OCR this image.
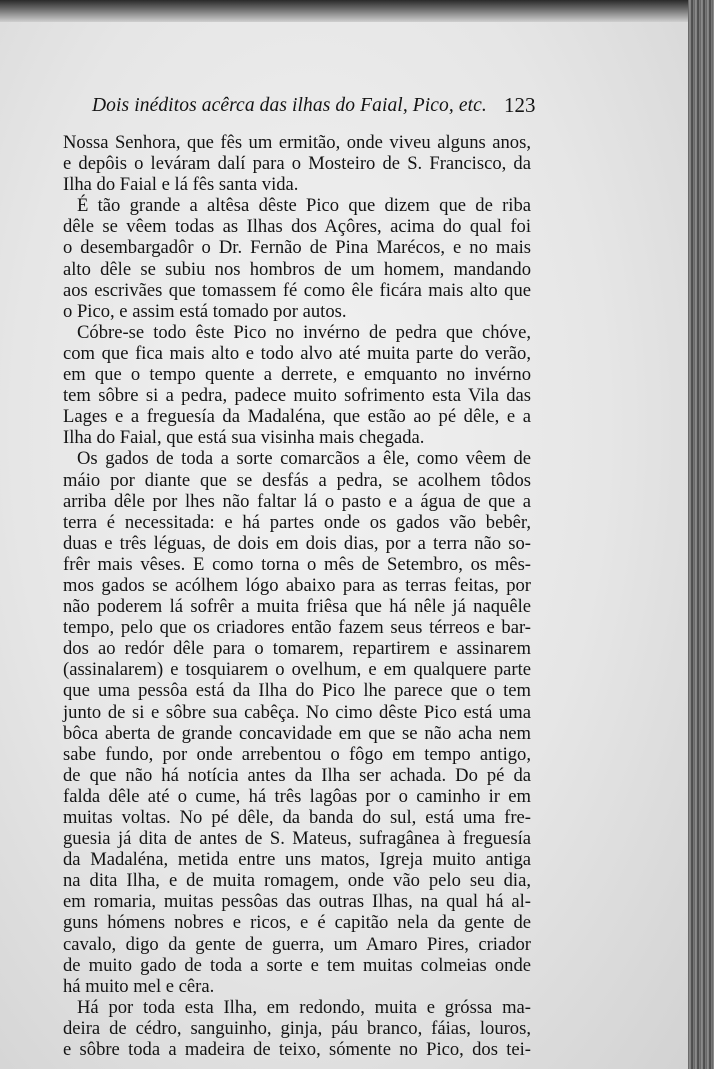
Dois inéditos acêrca das ilhas do Faial, Pico, etc. 123
Nossa Senhora, que fês um ermitão, onde viveu alguns anos,
e depôis o leváram dalí para o Mosteiro de S. Francisco, da
Ilha do Faial e lá fês santa vida.
É tão grande a altêsa dêste Pico que dizem que de riba
dêle se vêem todas as Ilhas dos Açôres, acima do qual foi
o desembargadôr o Dr. Fernão de Pina Marécos, e no mais
alto dêle se subiu nos hombros de um homem, mandando
aos escrivães que tomassem fé como êle ficára mais alto que
o Pico, e assim está tomado por autos.
Cóbre-se todo êste Pico no invérno de pedra que chóve,
com que fica mais alto e todo alvo até muita parte do verão,
em que o tempo quente a derrete, e emquanto no invérno
tem sôbre si a pedra, padece muito sofrimento esta Vila das
Lages e a freguesía da Madaléna, que estão ao pé dêle, e a
Ilha do Faial, que está sua visinha mais chegada.
Os gados de toda a sorte comarcãos a êle, como vêem de
máio por diante que se desfás a pedra, se acolhem tôdos
arriba dêle por lhes não faltar lá o pasto e a água de que a
terra é necessitada: e há partes onde os gados vão bebêr,
duas e três léguas, de dois em dois dias, por a terra não so-
frêr mais vêses. E como torna o mês de Setembro, os mês-
mos gados se acólhem lógo abaixo para as terras feitas, por
não poderem lá sofrêr a muita friêsa que há nêle já naquêle
tempo, pelo que os criadores então fazem seus térreos e bar-
dos ao redór dêle para o tomarem, repartirem e assinarem
(assinalarem) e tosquiarem o ovelhum, e em qualquere parte
que uma pessôa está da Ilha do Pico lhe parece que o tem
junto de si e sôbre sua cabêça. No cimo dêste Pico está uma
bôca aberta de grande concavidade em que se não acha nem
sabe fundo, por onde arrebentou o fôgo em tempo antigo,
de que não há notícia antes da Ilha ser achada. Do pé da
falda dêle até o cume, há três lagôas por o caminho ir em
muitas voltas. No pé dêle, da banda do sul, está uma fre-
guesia já dita de antes de S. Mateus, sufragânea à freguesía
da Madaléna, metida entre uns matos, Igreja muito antiga
na dita Ilha, e de muita romagem, onde vão pelo seu dia,
em romaria, muitas pessôas das outras Ilhas, na qual há al-
guns hómens nobres e ricos, e é capitão nela da gente de
cavalo, digo da gente de guerra, um Amaro Pires, criador
de muito gado de toda a sorte e tem muitas colmeias onde
há muito mel e cêra.
Há por toda esta Ilha, em redondo, muita e gróssa ma-
deira de cédro, sanguinho, ginja, páu branco, fáias, louros,
e sôbre toda a madeira de teixo, sómente no Pico, dos tei-
